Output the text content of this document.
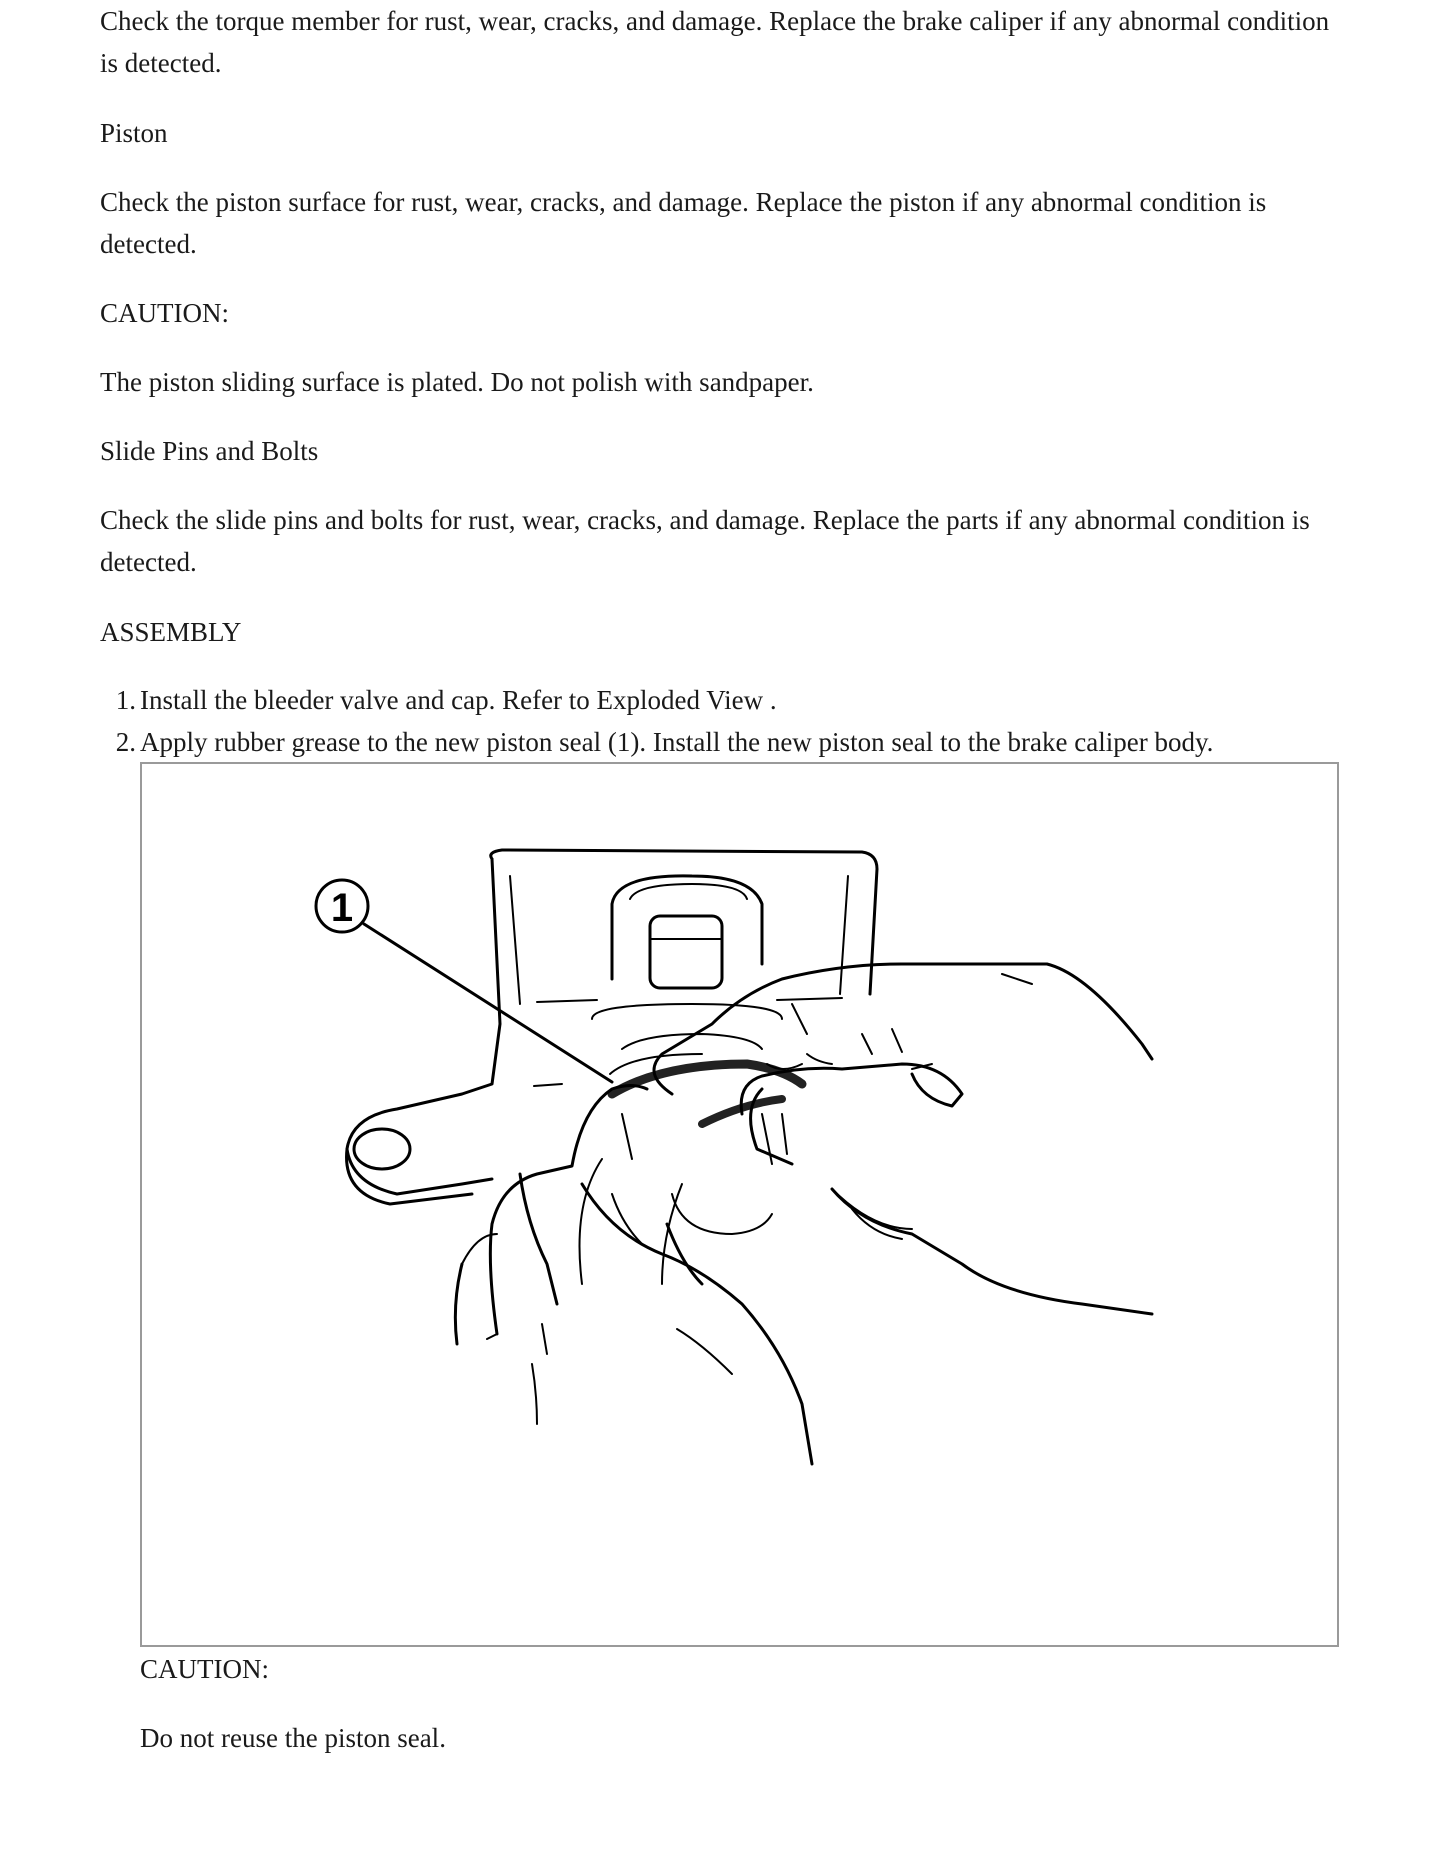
Check the torque member for rust, wear, cracks, and damage. Replace the brake caliper if any abnormal condition is detected.

Piston

Check the piston surface for rust, wear, cracks, and damage. Replace the piston if any abnormal condition is detected.

CAUTION:

The piston sliding surface is plated. Do not polish with sandpaper.

Slide Pins and Bolts

Check the slide pins and bolts for rust, wear, cracks, and damage. Replace the parts if any abnormal condition is detected.

ASSEMBLY

1. Install the bleeder valve and cap. Refer to Exploded View .
2. Apply rubber grease to the new piston seal (1). Install the new piston seal to the brake caliper body.
1

CAUTION:

Do not reuse the piston seal.
